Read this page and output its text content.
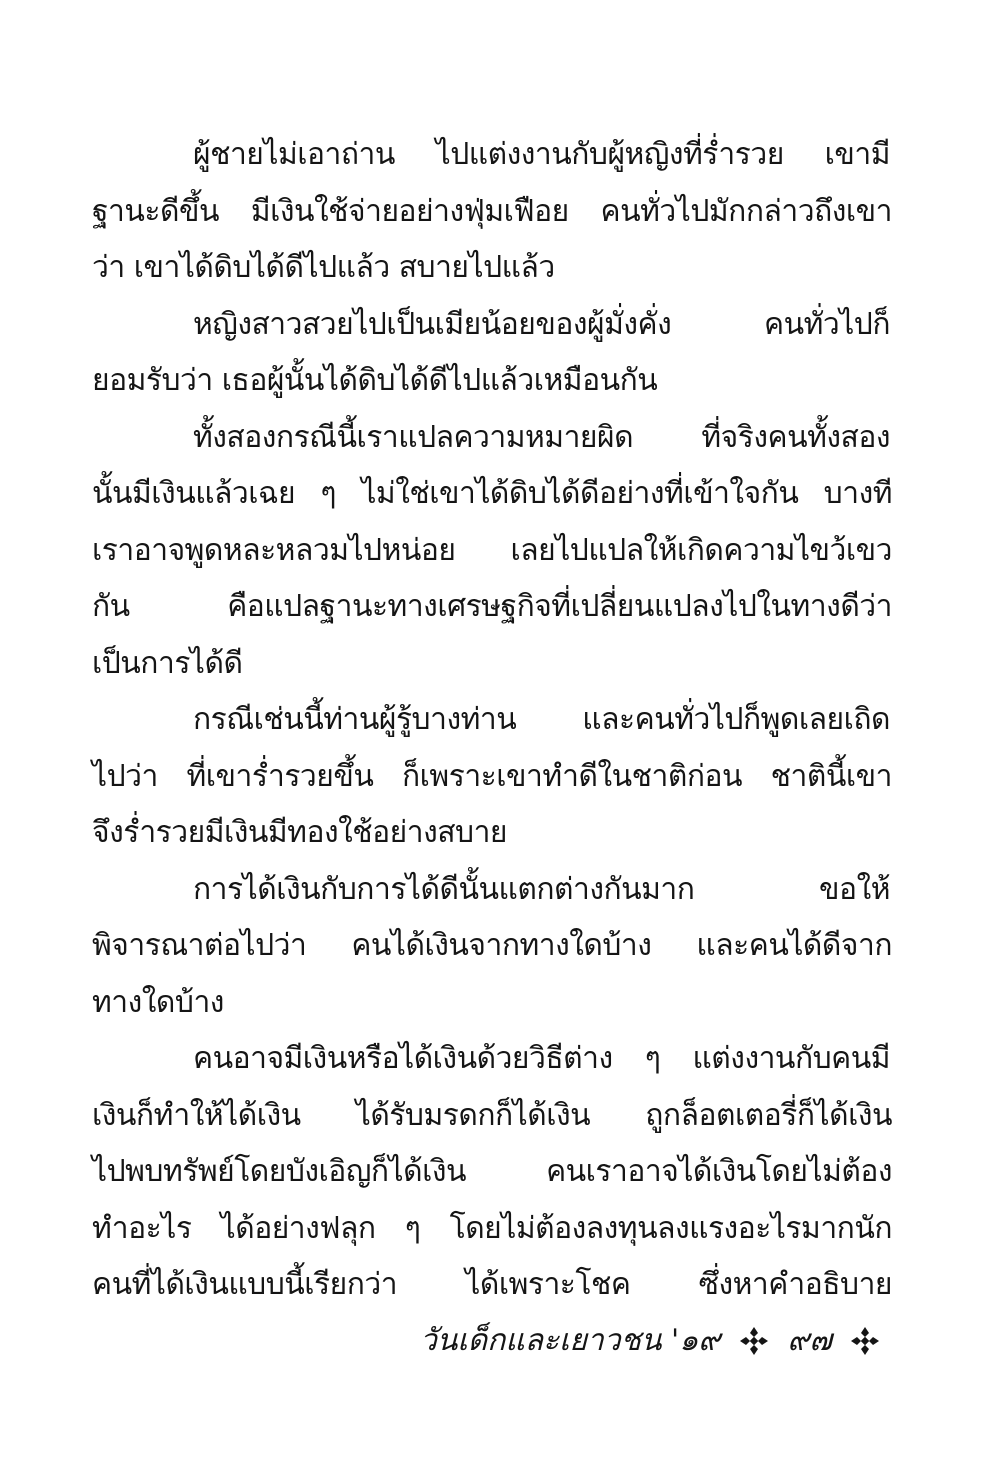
ผู้ชายไม่เอาถ่าน ไปแต่งงานกับผู้หญิงที่ร่ำรวย เขามี
ฐานะดีขึ้น มีเงินใช้จ่ายอย่างฟุ่มเฟือย คนทั่วไปมักกล่าวถึงเขา
ว่า เขาได้ดิบได้ดีไปแล้ว สบายไปแล้ว
หญิงสาวสวยไปเป็นเมียน้อยของผู้มั่งคั่ง คนทั่วไปก็
ยอมรับว่า เธอผู้นั้นได้ดิบได้ดีไปแล้วเหมือนกัน
ทั้งสองกรณีนี้เราแปลความหมายผิด ที่จริงคนทั้งสอง
นั้นมีเงินแล้วเฉย ๆ ไม่ใช่เขาได้ดิบได้ดีอย่างที่เข้าใจกัน บางที
เราอาจพูดหละหลวมไปหน่อย เลยไปแปลให้เกิดความไขว้เขว
กัน คือแปลฐานะทางเศรษฐกิจที่เปลี่ยนแปลงไปในทางดีว่า
เป็นการได้ดี
กรณีเช่นนี้ท่านผู้รู้บางท่าน และคนทั่วไปก็พูดเลยเถิด
ไปว่า ที่เขาร่ำรวยขึ้น ก็เพราะเขาทำดีในชาติก่อน ชาตินี้เขา
จึงร่ำรวยมีเงินมีทองใช้อย่างสบาย
การได้เงินกับการได้ดีนั้นแตกต่างกันมาก ขอให้
พิจารณาต่อไปว่า คนได้เงินจากทางใดบ้าง และคนได้ดีจาก
ทางใดบ้าง
คนอาจมีเงินหรือได้เงินด้วยวิธีต่าง ๆ แต่งงานกับคนมี
เงินก็ทำให้ได้เงิน ได้รับมรดกก็ได้เงิน ถูกล็อตเตอรี่ก็ได้เงิน
ไปพบทรัพย์โดยบังเอิญก็ได้เงิน คนเราอาจได้เงินโดยไม่ต้อง
ทำอะไร ได้อย่างฟลุก ๆ โดยไม่ต้องลงทุนลงแรงอะไรมากนัก
คนที่ได้เงินแบบนี้เรียกว่า ได้เพราะโชค ซึ่งหาคำอธิบาย
วันเด็กและเยาวชน '๑๙ ๙๗
